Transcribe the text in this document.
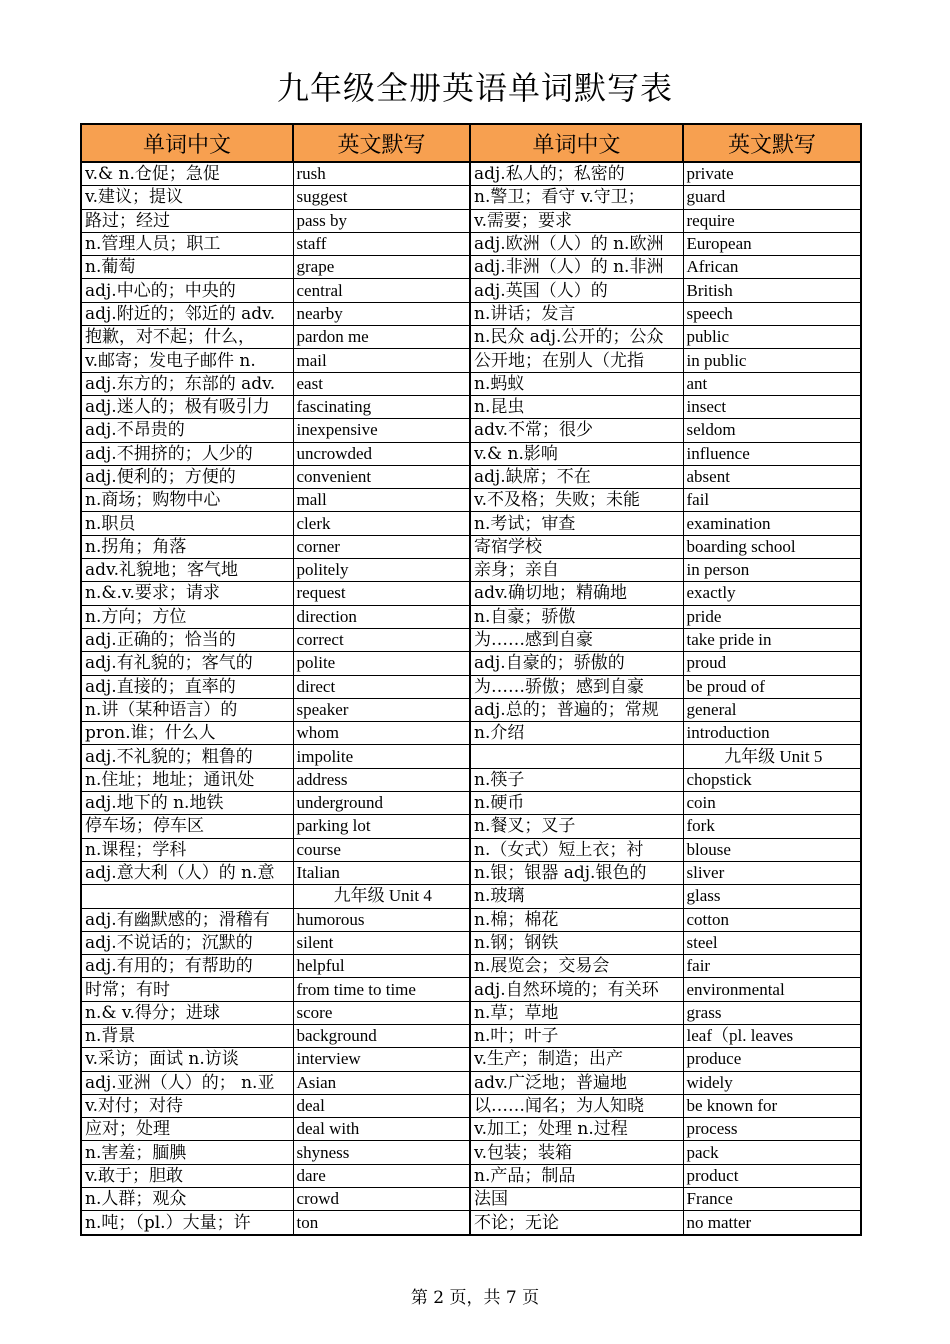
九年级全册英语单词默写表
单词中文	英文默写	单词中文	英文默写
v.& n.仓促；急促	rush	adj.私人的；私密的	private
v.建议；提议	suggest	n.警卫；看守 v.守卫；	guard
路过；经过	pass by	v.需要；要求	require
n.管理人员；职工	staff	adj.欧洲（人）的 n.欧洲	European
n.葡萄	grape	adj.非洲（人）的 n.非洲	African
adj.中心的；中央的	central	adj.英国（人）的	British
adj.附近的；邻近的 adv.	nearby	n.讲话；发言	speech
抱歉，对不起；什么，	pardon me	n.民众 adj.公开的；公众	public
v.邮寄；发电子邮件 n.	mail	公开地；在别人（尤指	in public
adj.东方的；东部的 adv.	east	n.蚂蚁	ant
adj.迷人的；极有吸引力	fascinating	n.昆虫	insect
adj.不昂贵的	inexpensive	adv.不常；很少	seldom
adj.不拥挤的；人少的	uncrowded	v.& n.影响	influence
adj.便利的；方便的	convenient	adj.缺席；不在	absent
n.商场；购物中心	mall	v.不及格；失败；未能	fail
n.职员	clerk	n.考试；审查	examination
n.拐角；角落	corner	寄宿学校	boarding school
adv.礼貌地；客气地	politely	亲身；亲自	in person
n.&.v.要求；请求	request	adv.确切地；精确地	exactly
n.方向；方位	direction	n.自豪；骄傲	pride
adj.正确的；恰当的	correct	为……感到自豪	take pride in
adj.有礼貌的；客气的	polite	adj.自豪的；骄傲的	proud
adj.直接的；直率的	direct	为……骄傲；感到自豪	be proud of
n.讲（某种语言）的	speaker	adj.总的；普遍的；常规	general
pron.谁；什么人	whom	n.介绍	introduction
adj.不礼貌的；粗鲁的	impolite		九年级 Unit 5
n.住址；地址；通讯处	address	n.筷子	chopstick
adj.地下的 n.地铁	underground	n.硬币	coin
停车场；停车区	parking lot	n.餐叉；叉子	fork
n.课程；学科	course	n.（女式）短上衣；衬	blouse
adj.意大利（人）的 n.意	Italian	n.银；银器 adj.银色的	sliver
	九年级 Unit 4	n.玻璃	glass
adj.有幽默感的；滑稽有	humorous	n.棉；棉花	cotton
adj.不说话的；沉默的	silent	n.钢；钢铁	steel
adj.有用的；有帮助的	helpful	n.展览会；交易会	fair
时常；有时	from time to time	adj.自然环境的；有关环	environmental
n.& v.得分；进球	score	n.草；草地	grass
n.背景	background	n.叶；叶子	leaf（pl. leaves
v.采访；面试 n.访谈	interview	v.生产；制造；出产	produce
adj.亚洲（人）的； n.亚	Asian	adv.广泛地；普遍地	widely
v.对付；对待	deal	以……闻名；为人知晓	be known for
应对；处理	deal with	v.加工；处理 n.过程	process
n.害羞；腼腆	shyness	v.包装；装箱	pack
v.敢于；胆敢	dare	n.产品；制品	product
n.人群；观众	crowd	法国	France
n.吨；（pl.）大量；许	ton	不论；无论	no matter
第 2 页，共 7 页
